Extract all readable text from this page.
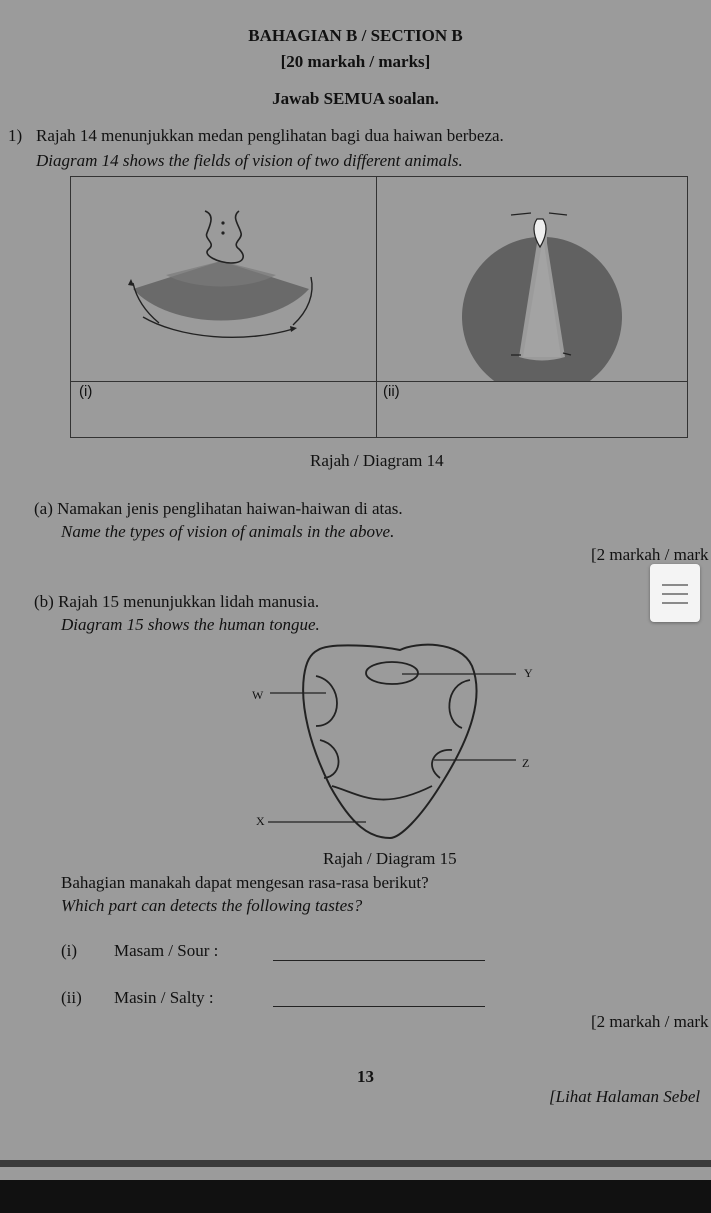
BAHAGIAN B / SECTION B
[20 markah / marks]
Jawab SEMUA soalan.
1) Rajah 14 menunjukkan medan penglihatan bagi dua haiwan berbeza.
Diagram 14 shows the fields of vision of two different animals.
(i)	(ii)
Rajah / Diagram 14
(a) Namakan jenis penglihatan haiwan-haiwan di atas.
Name the types of vision of animals in the above.
[2 markah / mark
(b) Rajah 15 menunjukkan lidah manusia.
Diagram 15 shows the human tongue.
W
Y
Z
X
Rajah / Diagram 15
Bahagian manakah dapat mengesan rasa-rasa berikut?
Which part can detects the following tastes?
(i) Masam / Sour :
(ii) Masin / Salty :
[2 markah / mark
13
[Lihat Halaman Sebel
